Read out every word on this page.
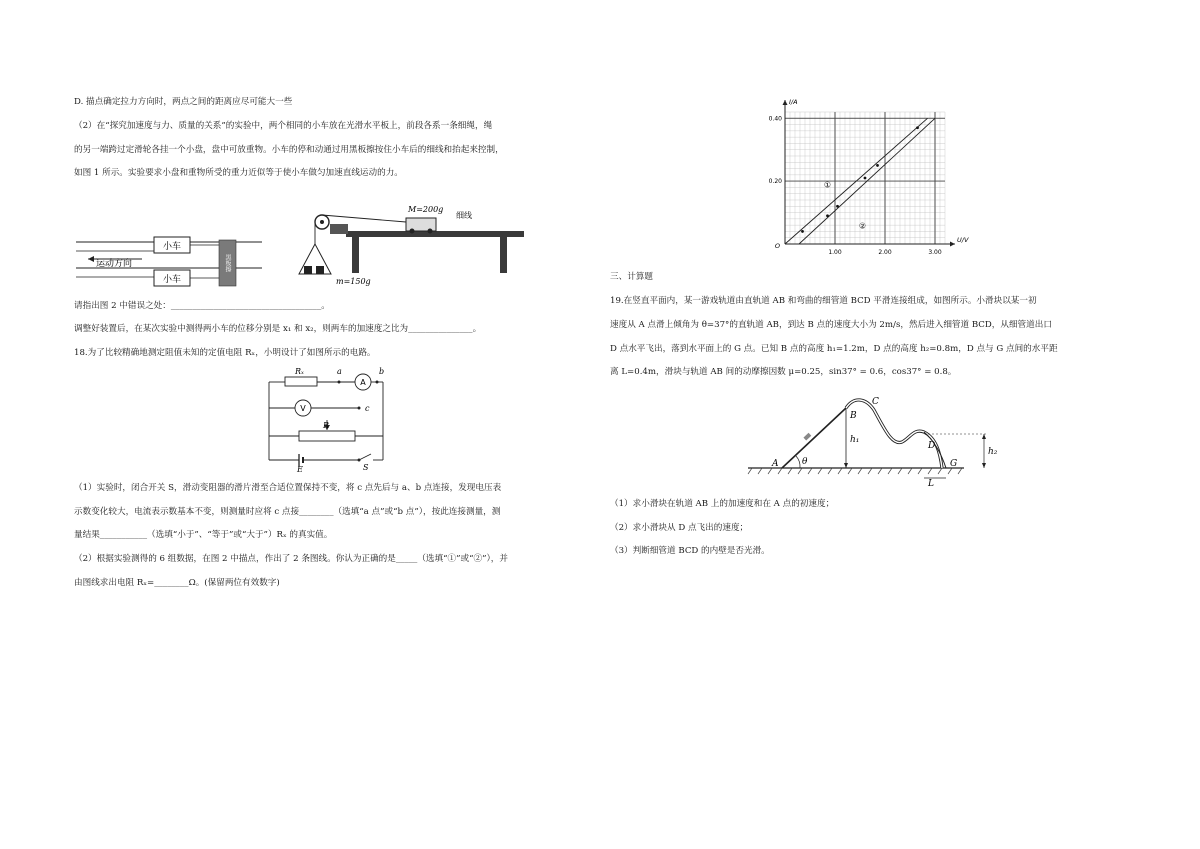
D. 描点确定拉力方向时，两点之间的距离应尽可能大一些
（2）在“探究加速度与力、质量的关系”的实验中，两个相同的小车放在光滑水平板上，前段各系一条细绳，绳
的另一端跨过定滑轮各挂一个小盘，盘中可放重物。小车的停和动通过用黑板擦按住小车后的细线和抬起来控制，
如图 1 所示。实验要求小盘和重物所受的重力近似等于使小车做匀加速直线运动的力。
小车
小车
黑板擦
运动方向
M=200g
细线
m=150g
请指出图 2 中错误之处：___________________________________。
调整好装置后，在某次实验中测得两小车的位移分别是 x₁ 和 x₂，则两车的加速度之比为_______________。
18.为了比较精确地测定阻值未知的定值电阻 Rₓ，小明设计了如图所示的电路。
Rₓ	a	b
A
V	c
R
E	S
（1）实验时，闭合开关 S，滑动变阻器的滑片滑至合适位置保持不变，将 c 点先后与 a、b 点连接，发现电压表
示数变化较大，电流表示数基本不变，则测量时应将 c 点接________（选填“a 点”或“b 点”），按此连接测量，测
量结果___________（选填“小于”、“等于”或“大于”）Rₓ 的真实值。
（2）根据实验测得的 6 组数据，在图 2 中描点，作出了 2 条图线。你认为正确的是_____（选填“①”或“②”），并
由图线求出电阻 Rₓ=________Ω。(保留两位有效数字)
1.00	2.00	3.00
0.20
0.40
O
U/V
I/A
①
②
三、计算题
19.在竖直平面内，某一游戏轨道由直轨道 AB 和弯曲的细管道 BCD 平滑连接组成，如图所示。小滑块以某一初
速度从 A 点滑上倾角为 θ=37°的直轨道 AB，到达 B 点的速度大小为 2m/s，然后进入细管道 BCD，从细管道出口
D 点水平飞出，落到水平面上的 G 点。已知 B 点的高度 h₁=1.2m，D 点的高度 h₂=0.8m，D 点与 G 点间的水平距
离 L=0.4m，滑块与轨道 AB 间的动摩擦因数 μ=0.25，sin37° = 0.6，cos37° = 0.8。
A
B
C
D
G
θ
h₁
h₂
L
（1）求小滑块在轨道 AB 上的加速度和在 A 点的初速度；
（2）求小滑块从 D 点飞出的速度；
（3）判断细管道 BCD 的内壁是否光滑。
